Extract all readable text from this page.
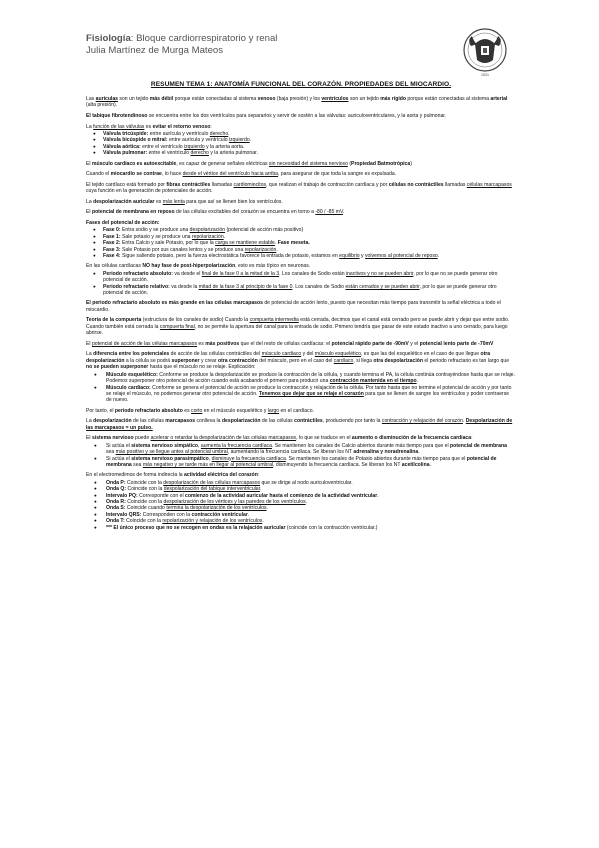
Fisiología: Bloque cardiorrespiratorio y renal
Julia Martínez de Murga Mateos
1531
RESUMEN TEMA 1: ANATOMÍA FUNCIONAL DEL CORAZÓN. PROPIEDADES DEL MIOCARDIO.

Las aurículas son un tejido más débil porque están conectadas al sistema venoso (baja presión) y los ventrículos son un tejido más rígido porque están conectadas al sistema arterial (alta presión).

El tabique fibrotendinoso se encuentra entre los dos ventrículos para separarlos y servir de sostén a las válvulas: auriculoventriculares, y la aorta y pulmonar.

La función de las válvulas es evitar el retorno venoso:

● Válvula tricúspide: entre aurícula y ventrículo derecho.
● Válvula bicúspide o mitral: entre aurícula y ventrículo izquierdo.
● Válvula aórtica: entre el ventrículo izquierdo y la arteria aorta.
● Válvula pulmonar: entre el ventrículo derecho y la arteria pulmonar.

El músculo cardíaco es autoexcitable, es capaz de generar señales eléctricas sin necesidad del sistema nervioso (Propiedad Batmotrópica)

Cuando el miocardio se contrae, lo hace desde el vértice del ventrículo hacia arriba, para asegurar de que toda la sangre es expulsada.

El tejido cardíaco está formado por fibras contráctiles llamadas cardiomiocitos, que realizan el trabajo de contracción cardíaca y por células no contráctiles llamadas células marcapasos cuya función en la generación de potenciales de acción.

La despolarización auricular es más lenta para que así se llenen bien los ventrículos.

El potencial de membrana en reposo de las células excitables del corazón se encuentra en torno a -80 / -85 mV.

Fases del potencial de acción:

● Fase 0: Entra sodio y se produce una despolarización (potencial de acción más positivo)
● Fase 1: Sale potasio y se produce una repolarización.
● Fase 2: Entra Calcio y sale Potasio, por lo que la carga se mantiene estable. Fase meseta.
● Fase 3: Sale Potasio por sus canales lentos y se produce una repolarización.
● Fase 4: Sigue saliendo potasio, pero la fuerza electrostática favorece la entrada de potasio, estamos en equilibrio y volvemos al potencial de reposo.

En las células cardíacas NO hay fase de post-hiperpolarización, esto es más típico en neuronas.

● Periodo refractario absoluto: va desde el final de la fase 0 a la mitad de la 3. Los canales de Sodio están inactivos y no se pueden abrir, por lo que no se puede generar otro potencial de acción.
● Periodo refractario relativo: va desde la mitad de la fase 3 al principio de la fase 0. Los canales de Sodio están cerrados y se pueden abrir, por lo que se puede generar otro potencial de acción.

El periodo refractario absoluto es más grande en las células marcapasos de potencial de acción lento, puesto que necesitan más tiempo para transmitir la señal eléctrica a todo el miocardio.

Teoría de la compuerta (estructura de los canales de sodio) Cuando la compuerta intermedia está cerrada, decimos que el canal está cerrado pero se puede abrir y dejar que entre sodio. Cuando también está cerrada la compuerta final, no se permite la apertura del canal para la entrada de sodio. Primero tendría que pasar de este estado inactivo a uno cerrado, para luego abrirse.

El potencial de acción de las células marcapasos es más positivos que el del resto de células cardíacas: el potencial rápido parte de -90mV y el potencial lento parte de -70mV

La diferencia entre los potenciales de acción de las células contráctiles del músculo cardiaco y del músculo esquelético, es que las del esquelético en el caso de que llegue otra despolarización a la célula se podrá superponer y crear otra contracción del músculo, pero en el caso del cardíaco, si llega otra despolarización el periodo refractario es tan largo que no se pueden superponer hasta que el músculo no se relaje. Explicación:

● Músculo esquelético: Conforme se produce la despolarización se produce la contracción de la célula, y cuando termina el PA, la célula continúa contrayéndose hasta que se relaje. Podemos superponer otro potencial de acción cuando está acabando el primero para producir una contracción mantenida en el tiempo.
● Músculo cardíaco: Conforme se genera el potencial de acción se produce la contracción y relajación de la célula. Por tanto hasta que no termine el potencial de acción y por tanto se relaje el músculo, no podemos generar otro potencial de acción. Tenemos que dejar que se relaje el corazón para que se llenen de sangre los ventrículos y poder contraerse de nuevo.

Por tanto, el periodo refractario absoluto es corto en el músculo esquelético y largo en el cardíaco.

La despolarización de las células marcapasos conlleva la despolarización de las células contráctiles, produciendo por tanto la contracción y relajación del corazón. Despolarización de las marcapasos = un pulso.

El sistema nervioso puede acelerar o retardar la despolarización de las células marcapasos, lo que se traduce en el aumento o disminución de la frecuencia cardíaca:

● Si actúa el sistema nervioso simpático, aumenta la frecuencia cardíaca. Se mantienen los canales de Calcio abiertos durante más tiempo para que el potencial de membrana sea más positivo y se llegue antes al potencial umbral, aumentando la frecuencia cardíaca. Se liberan los NT adrenalina y noradrenalina.
● Si actúa el sistema nervioso parasimpático, disminuye la frecuencia cardíaca. Se mantienen los canales de Potasio abiertos durante más tiempo para que el potencial de membrana sea más negativo y se tarde más en llegar al potencial umbral, disminuyendo la frecuencia cardíaca. Se liberan los NT acetilcolina.

En el electromedimos de forma indirecta la actividad eléctrica del corazón:

● Onda P: Coincide con la despolarización de las células marcapasos que se dirige al nodo auriculoventricular.
● Onda Q: Coincide con la despolarización del tabique interventricular.
● Intervalo PQ: Corresponde con el comienzo de la actividad auricular hasta el comienzo de la actividad ventricular.
● Onda R: Coincide con la despolarización de los vértices y las paredes de los ventrículos.
● Onda S: Coincide cuando termina la despolarización de los ventrículos.
● Intervalo QRS: Corresponden con la contracción ventricular.
● Onda T: Coincide con la repolarización y relajación de los ventrículos.
● *** El único proceso que no se recogen en ondas es la relajación auricular (coincide con la contracción ventricular.)
